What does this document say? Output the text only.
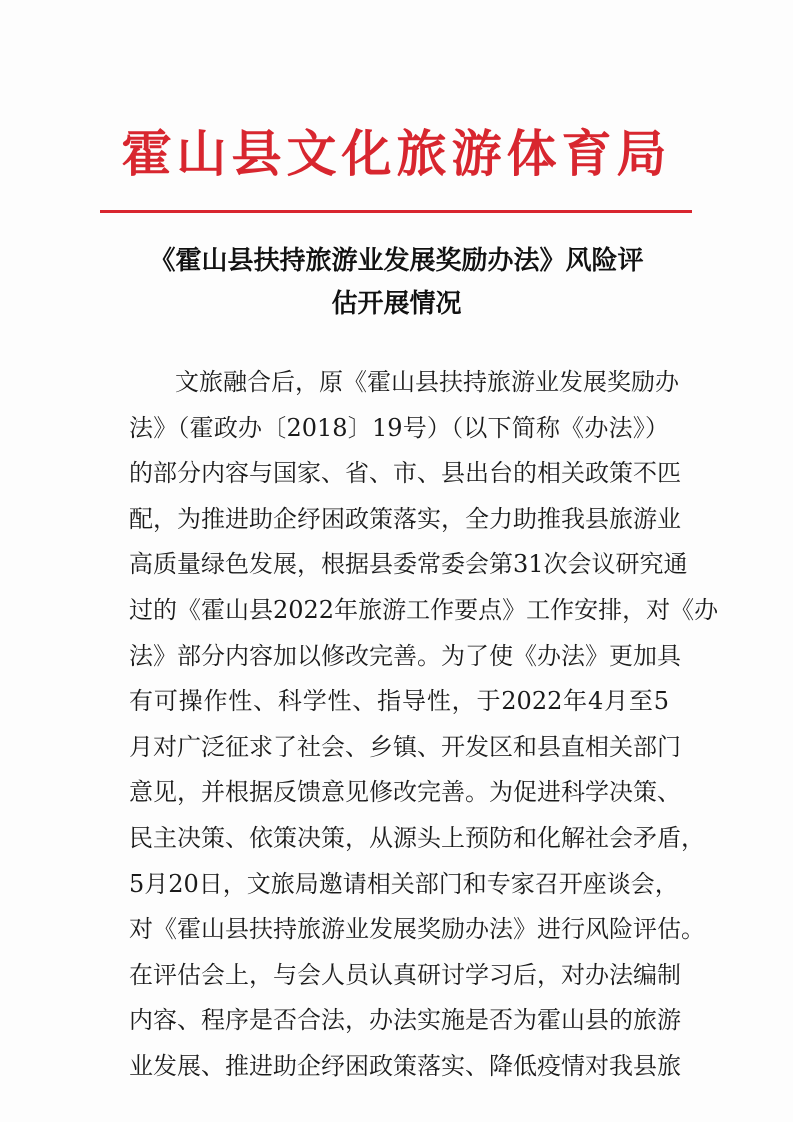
霍山县文化旅游体育局
《霍山县扶持旅游业发展奖励办法》风险评
估开展情况
文旅融合后，原《霍山县扶持旅游业发展奖励办
法》（霍政办〔2018〕19号）（以下简称《办法》）
的部分内容与国家、省、市、县出台的相关政策不匹
配，为推进助企纾困政策落实，全力助推我县旅游业
高质量绿色发展，根据县委常委会第31次会议研究通
过的《霍山县2022年旅游工作要点》工作安排，对《办
法》部分内容加以修改完善。为了使《办法》更加具
有可操作性、科学性、指导性，于2022年4月至5
月对广泛征求了社会、乡镇、开发区和县直相关部门
意见，并根据反馈意见修改完善。为促进科学决策、
民主决策、依策决策，从源头上预防和化解社会矛盾，
5月20日，文旅局邀请相关部门和专家召开座谈会，
对《霍山县扶持旅游业发展奖励办法》进行风险评估。
在评估会上，与会人员认真研讨学习后，对办法编制
内容、程序是否合法，办法实施是否为霍山县的旅游
业发展、推进助企纾困政策落实、降低疫情对我县旅
